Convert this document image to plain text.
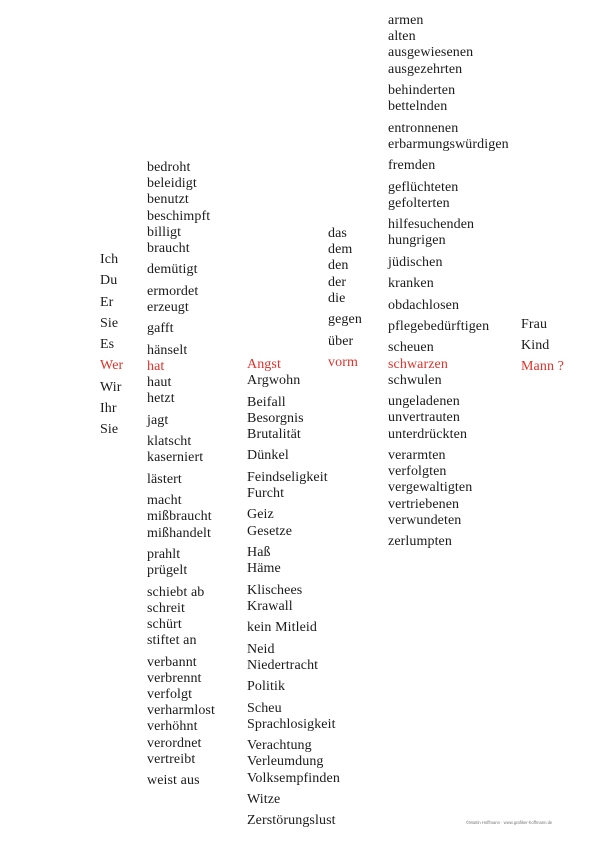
Ich
Du
Er
Sie
Es
Wer
Wir
Ihr
Sie
bedroht
beleidigt
benutzt
beschimpft
billigt
braucht
demütigt
ermordet
erzeugt
gafft
hänselt
hat
haut
hetzt
jagt
klatscht
kaserniert
lästert
macht
mißbraucht
mißhandelt
prahlt
prügelt
schiebt ab
schreit
schürt
stiftet an
verbannt
verbrennt
verfolgt
verharmlost
verhöhnt
verordnet
vertreibt
weist aus
Angst
Argwohn
Beifall
Besorgnis
Brutalität
Dünkel
Feindseligkeit
Furcht
Geiz
Gesetze
Haß
Häme
Klischees
Krawall
kein Mitleid
Neid
Niedertracht
Politik
Scheu
Sprachlosigkeit
Verachtung
Verleumdung
Volksempfinden
Witze
Zerstörungslust
das
dem
den
der
die
gegen
über
vorm
armen
alten
ausgewiesenen
ausgezehrten
behinderten
bettelnden
entronnenen
erbarmungswürdigen
fremden
geflüchteten
gefolterten
hilfesuchenden
hungrigen
jüdischen
kranken
obdachlosen
pflegebedürftigen
scheuen
schwarzen
schwulen
ungeladenen
unvertrauten
unterdrückten
verarmten
verfolgten
vergewaltigten
vertriebenen
verwundeten
zerlumpten
Frau
Kind
Mann ?
©Martin Hoffmann · www.grafiker-hoffmann.de
